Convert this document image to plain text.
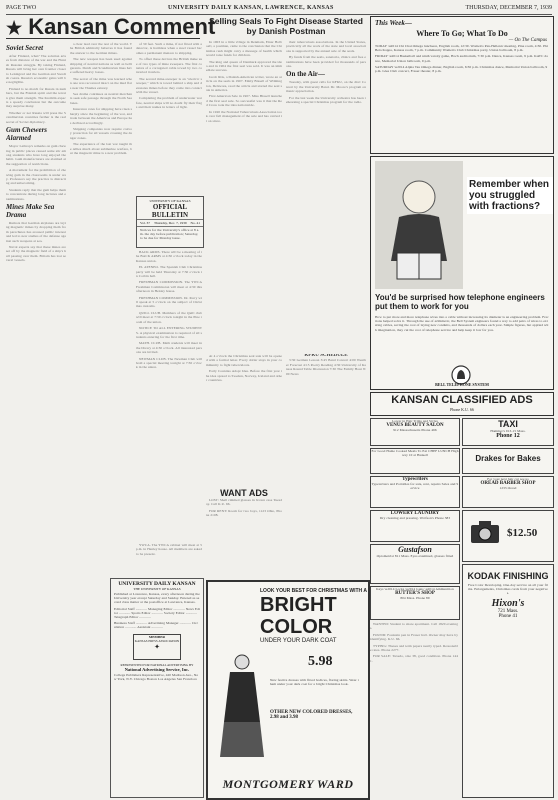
PAGE TWO	UNIVERSITY DAILY KANSAN, LAWRENCE, KANSAS	THURSDAY, DECEMBER 7, 1939
★ Kansan Comment
Soviet Secret

After Finland, what? The solution arises from distance of the war and the Finnish Russian struggle. By taking Finland, Russia will bring her own frontier closer to Leningrad and the German and Swedish coasts. Russia's economic gains will be negligible.

Finland is no match for Russia in numbers, but the Finnish spirit and the terrain give them strength. The Kremlin expects a speedy conclusion but the outcome may surprise many.

Whether or not Russia will press the Scandinavian countries further is the real secret of Soviet diplomacy.

Gum Chewers Alarmed

Mayor Lathrop's remarks on gum chewing in public places caused some stir among students who have long enjoyed the habit. Gum manufacturers are alarmed at the suggestion of restrictions.

A movement for the prohibition of chewing gum in the classrooms is under way. Professors say the practice is distracting and unbecoming.

Students reply that the gum helps them to concentrate during long lectures and examinations.

Mines Make Sea Drama

Rumors that German airplanes are laying magnetic mines by dropping them from parachutes has aroused public interest and led to new studies of the defense against such weapons at sea.

Naval experts say that these mines are set off by the magnetic field of a ship's hull passing over them. Britain has lost several vessels.

a clear lead over the rest of the world. The British admiralty believes it has found the answer to the German mines.

The new weapon has been used against shipping of neutral nations as well as belligerents. Dutch and Scandinavian lines have suffered heavy losses.

The secret of the mine was learned when one was recovered intact on the mud flats near the Thames estuary.

Sea drama continues as neutral merchants seek safe passage through the North Sea lanes.

Insurance rates for shipping have risen sharply since the beginning of the war, and trade between the Americas and Europe has declined accordingly.

Shipping companies now require convoy protection for all vessels crossing the danger zones.

The experience of the last war taught the Allies much about submarine warfare, but the magnetic mine is a new problem.

of 30 feet. Such a mine, if not fitted with a detector, is harmless when a steel vessel becomes a permanent menace to shipping.

To offset these devices the British make use of two types of mine sweepers. The first consists of a corrugated cable towed by two converted trawlers.

The second mine-sweeper is an "electric sweeper," which is towed behind a ship and detonates mines before they come into contact with the vessel.

Completing the problem of underwater warfare, neutral ships will no doubt fly their flags and their names in letters of light.

UNIVERSITY OF KANSAS
OFFICIAL BULLETIN
Vol. 37 Thursday, Dec. 7, 1939 No. 41
Notices for the University's office at 8 a.m. the day before publication; Saturday, to be due for Monday issue.

BACK ARMS. There will be a meeting of the BACK ARMS at 4:30 o'clock today in the Kansas union.

EL ATENEO. The Spanish Club Christmas party will be held Thursday at 7:30 o'clock in Corbin hall.

FRESHMAN COMMISSION. The YWCA Freshman Commission will meet at 4:30 this afternoon in Henley house.

FRESHMAN COMMISSION. Dr. Perry will speak at 5 o'clock on the subject of Christmas customs.

QUILL CLUB. Members of the Quill club will meet at 7:30 o'clock tonight in the Pine room of the union.

NOTICE TO ALL ENTERING STUDENTS. A physical examination is required of all students entering for the first time.

MATH. CLUB. Math students will meet in the library at 4:30 o'clock. All interested persons are invited.

NEWMAN CLUB. The Newman Club will hold a special meeting tonight at 7:30 o'clock in the union.

YWCA. The YWCA cabinet will meet at 5 p.m. in Henley house. All members are asked to be present.

UNIVERSITY DAILY KANSAN
THE UNIVERSITY OF KANSAS
Published at Lawrence, Kansas, every afternoon during the University year except Saturday and Sunday. Entered as second class matter at the postoffice at Lawrence, Kansas.
Editorial Staff ............ Managing Editor ............ News Editor ............ Sports Editor ............ Society Editor ............ Telegraph Editor ............
Business Staff ............ Advertising Manager ............ Circulation ............ Assistant ............
MEMBER
KANSAS PRESS ASSOCIATION
✦
REPRESENTED FOR NATIONAL ADVERTISING BY
National Advertising Service, Inc.
College Publishers Representative, 420 Madison Ave., New York, N.Y. Chicago Boston Los Angeles San Francisco
Selling Seals To Fight Disease Started by Danish Postman

In 1903 in a little village in Denmark, Einar Holboell, a postman, came to the conclusion that the Christmas rush might carry a message of health which would raise funds for children.

The king and queen of Denmark approved the idea and in 1904 the first seal was sold. It was an immediate success.

Jacob Riis, a Danish-American writer, wrote an article on the seals in 1907. Emily Bissell of Wilmington, Delaware, read the article and started the seal sale in America.

First American Sale in 1907. Miss Bissell launched the first seal sale. So successful was it that the Red Cross took the idea nationwide.

In 1920 the National Tuberculosis Association took over full management of the sale and has carried it on since.

their tuberculosis associations. In the United States, practically all the work of the state and local associations is supported by the annual sale of the seals.

By funds from the seals, sanatoria, clinics and free examinations have been provided for thousands of persons.

On the Air—

Tuesday, with guest calls for KFKU, on the dial: Concert by the University Band. Dr. Moore's program on music appreciation.

For the last week the University orchestra has been rehearsing a special Christmas program for the radio.

At 4 o'clock the Christmas seal sale will be opened with a formal letter. Every dollar stays in your community to fight tuberculosis.

Early Counties Adopt Idea. Before the first year the idea spread to Sweden, Norway, Iceland and other countries.

KFKU SCHEDULE

3:30 German Lesson 3:45 Band Concert 4:00 Weather Forecast 4:15 Poetry Reading 4:30 University of Kansas Round Table Discussion 7:30 The Family Hour 8:00 News

WANT ADS

LOST: Shell rimmed glasses in brown case Tuesday. Call K.U. 66.

FOR RENT: Room for two boys, 1123 Ohio, Phone 2108.

LOOK YOUR BEST FOR CHRISTMAS WITH A
BRIGHT COLOR
UNDER YOUR DARK COAT
5.98
New festive dresses with fitted bodices, flaring skirts. Wear them under your dark coat for a bright Christmas look.
OTHER NEW COLORED DRESSES, 2.98 and 3.98
MONTGOMERY WARD
This Week—
Where To Go; What To Do
— On The Campus
TODAY \u2014 Chi Chai Omega luncheon, English room, 12:30. Women's Pan-Hellenic meeting, Pine room, 4:30. Phi Beta Kappa, Kansas room, 7 p.m. Community Women's Club Christmas party, Union ballroom, 8 p.m.
FRIDAY \u2014 Basketball and ninth varsity game, Hoch auditorium, 7:30 p.m. Dance, Kansas room, 9 p.m. KATC dance, Memorial Union ballroom, 9 p.m.
SATURDAY \u2014 Alpha Tau Omega dinner, English room, 6:30 p.m. Christmas dance, Memorial Union ballroom, 9 p.m. Glee Club concert, Fraser theater, 8 p.m.
Remember when you struggled with fractions?
You'd be surprised how telephone engineers put them to work for you
How to put more and more telephone wires into a cable without increasing its diameter is an engineering problem. Fractions helped solve it. Through the use of arithmetic, the Bell System engineers found a way to add pairs of wires to existing cables, saving the cost of laying new conduits, and thousands of dollars each year. Simple figures, but applied with imagination, they cut the cost of telephone service and help keep it low for you.
BELL TELEPHONE SYSTEM
KANSAN CLASSIFIED ADS
Phone K.U. 66
Lower in Hair Trims and Styles
VENUS BEAUTY SALON
912 Massachusetts Phone 466
TAXI
Hammer's 913-15 Mass.
Phone 12
For Good Home Cooked Meals To Eat CHEF LUNCH Highway 10 at Haskell	Drakes for Bakes
Typewriters
Typewriters and Portables for sale, rent, repairs Sales and Service
For your next hair cut see us
OREAD BARBER SHOP
1233 Oread
LOWERY LAUNDRY
Dry cleaning and pressing. Wolfson's Phone 383
$12.50
Gustafson
Optometrist 811 Mass. Eyes examined, glasses fitted
Keys \u2014 Locks \u2014 Guns \u2014 Ammunition
RUTTER'S SHOP
804 Mass. Phone 89
KODAK FINISHING
Free Color Developing. One-day service on all your films. Enlargements, Christmas cards from your negatives.
Hixon's
721 Mass.
Phone 41

WANTED: Student to share apartment. Call 1820 evenings.

FOUND: Fountain pen in Fraser hall. Owner may have by identifying. K.U. 66.

TYPING: Theses and term papers neatly typed. Reasonable rates. Phone 2277.

FOR SALE: Tuxedo, size 38, good condition. Phone 1441.
